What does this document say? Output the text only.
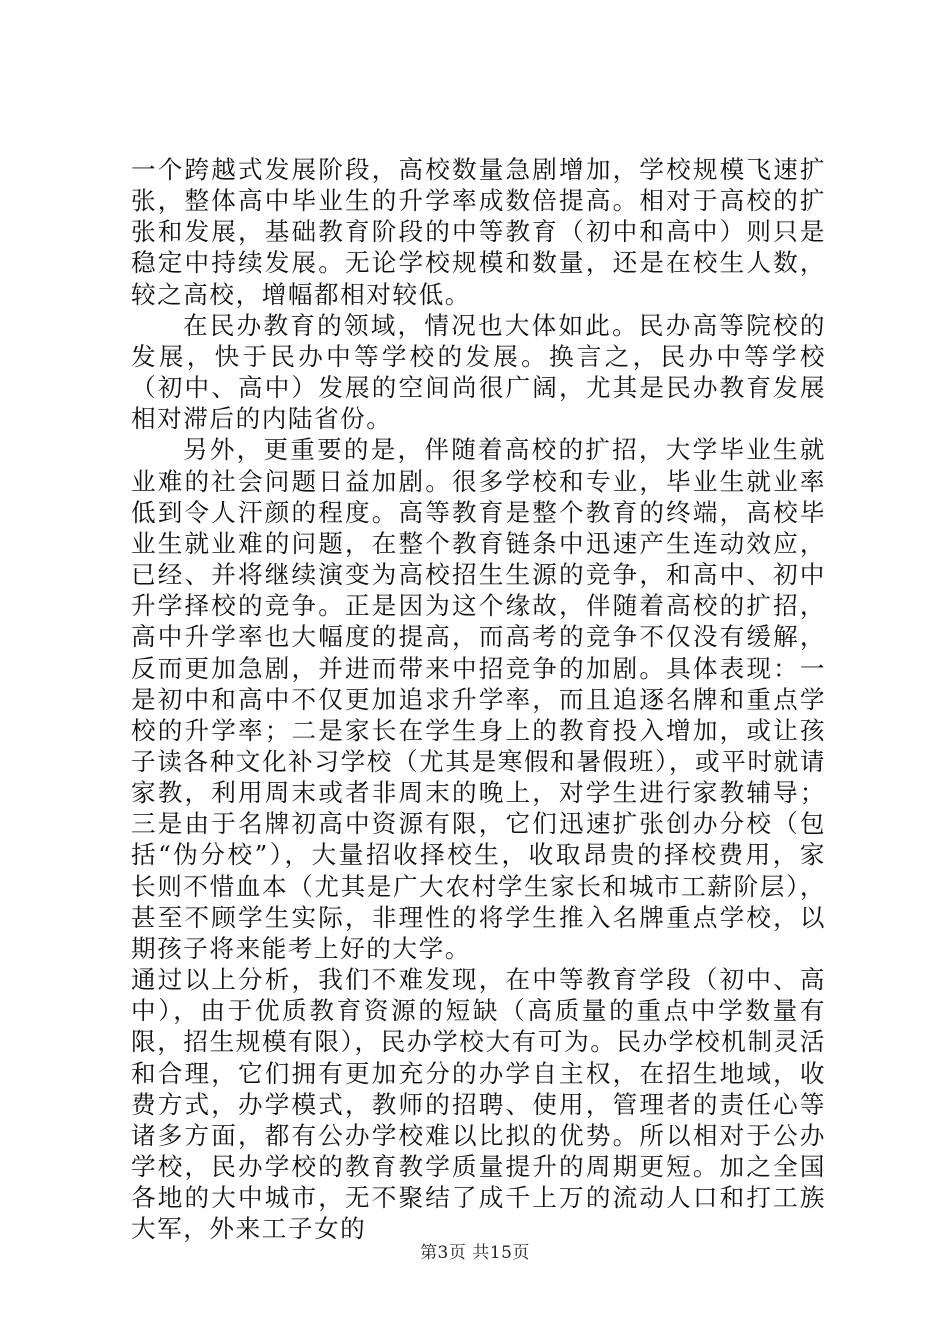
一个跨越式发展阶段，高校数量急剧增加，学校规模飞速扩张，整体高中毕业生的升学率成数倍提高。相对于高校的扩张和发展，基础教育阶段的中等教育（初中和高中）则只是稳定中持续发展。无论学校规模和数量，还是在校生人数，较之高校，增幅都相对较低。

在民办教育的领域，情况也大体如此。民办高等院校的发展，快于民办中等学校的发展。换言之，民办中等学校（初中、高中）发展的空间尚很广阔，尤其是民办教育发展相对滞后的内陆省份。

另外，更重要的是，伴随着高校的扩招，大学毕业生就业难的社会问题日益加剧。很多学校和专业，毕业生就业率低到令人汗颜的程度。高等教育是整个教育的终端，高校毕业生就业难的问题，在整个教育链条中迅速产生连动效应，已经、并将继续演变为高校招生生源的竞争，和高中、初中升学择校的竞争。正是因为这个缘故，伴随着高校的扩招，高中升学率也大幅度的提高，而高考的竞争不仅没有缓解，反而更加急剧，并进而带来中招竞争的加剧。具体表现：一是初中和高中不仅更加追求升学率，而且追逐名牌和重点学校的升学率；二是家长在学生身上的教育投入增加，或让孩子读各种文化补习学校（尤其是寒假和暑假班），或平时就请家教，利用周末或者非周末的晚上，对学生进行家教辅导；三是由于名牌初高中资源有限，它们迅速扩张创办分校（包括“伪分校”），大量招收择校生，收取昂贵的择校费用，家长则不惜血本（尤其是广大农村学生家长和城市工薪阶层），甚至不顾学生实际，非理性的将学生推入名牌重点学校，以期孩子将来能考上好的大学。

通过以上分析，我们不难发现，在中等教育学段（初中、高中），由于优质教育资源的短缺（高质量的重点中学数量有限，招生规模有限），民办学校大有可为。民办学校机制灵活和合理，它们拥有更加充分的办学自主权，在招生地域，收费方式，办学模式，教师的招聘、使用，管理者的责任心等诸多方面，都有公办学校难以比拟的优势。所以相对于公办学校，民办学校的教育教学质量提升的周期更短。加之全国各地的大中城市，无不聚结了成千上万的流动人口和打工族大军，外来工子女的

第3页 共15页
